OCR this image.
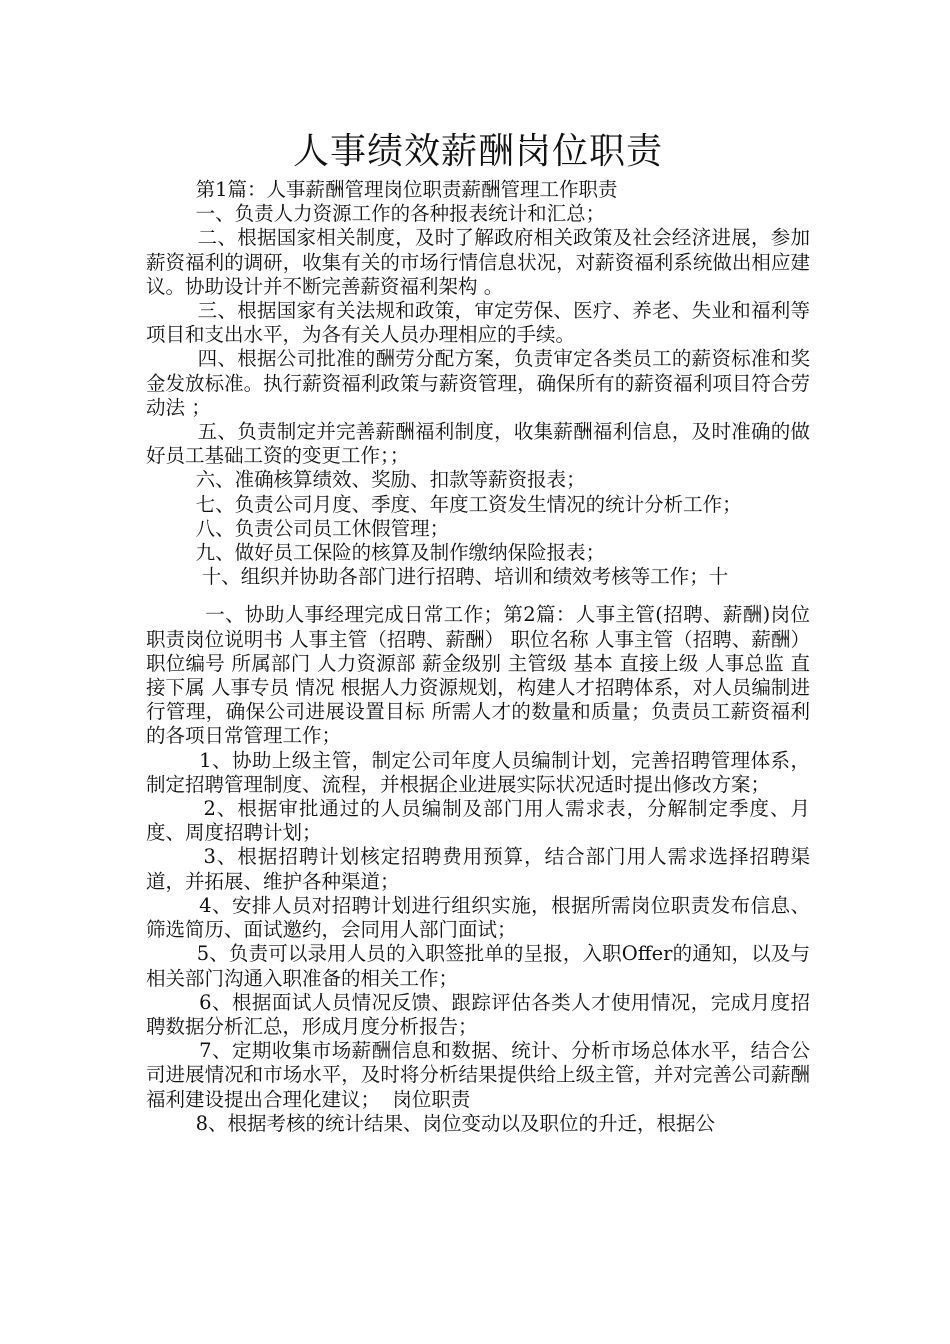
人事绩效薪酬岗位职责

第1篇：人事薪酬管理岗位职责薪酬管理工作职责

一、负责人力资源工作的各种报表统计和汇总；

二、根据国家相关制度，及时了解政府相关政策及社会经济进展，参加薪资福利的调研，收集有关的市场行情信息状况，对薪资福利系统做出相应建议。协助设计并不断完善薪资福利架构 。

三、根据国家有关法规和政策，审定劳保、医疗、养老、失业和福利等项目和支出水平，为各有关人员办理相应的手续。

四、根据公司批准的酬劳分配方案，负责审定各类员工的薪资标准和奖金发放标准。执行薪资福利政策与薪资管理，确保所有的薪资福利项目符合劳动法 ；

五、负责制定并完善薪酬福利制度，收集薪酬福利信息，及时准确的做好员工基础工资的变更工作；；

六、准确核算绩效、奖励、扣款等薪资报表；

七、负责公司月度、季度、年度工资发生情况的统计分析工作；

八、负责公司员工休假管理；

九、做好员工保险的核算及制作缴纳保险报表；

十、组织并协助各部门进行招聘、培训和绩效考核等工作；十

一、协助人事经理完成日常工作；第2篇：人事主管(招聘、薪酬)岗位职责岗位说明书 人事主管（招聘、薪酬） 职位名称 人事主管（招聘、薪酬） 职位编号 所属部门 人力资源部 薪金级别 主管级 基本 直接上级 人事总监 直接下属 人事专员 情况 根据人力资源规划，构建人才招聘体系，对人员编制进行管理，确保公司进展设置目标 所需人才的数量和质量；负责员工薪资福利的各项日常管理工作；

1、协助上级主管，制定公司年度人员编制计划，完善招聘管理体系，制定招聘管理制度、流程，并根据企业进展实际状况适时提出修改方案；

2、根据审批通过的人员编制及部门用人需求表，分解制定季度、月度、周度招聘计划；

3、根据招聘计划核定招聘费用预算，结合部门用人需求选择招聘渠道，并拓展、维护各种渠道；

4、安排人员对招聘计划进行组织实施，根据所需岗位职责发布信息、筛选简历、面试邀约，会同用人部门面试；

5、负责可以录用人员的入职签批单的呈报，入职Offer的通知，以及与相关部门沟通入职准备的相关工作；

6、根据面试人员情况反馈、跟踪评估各类人才使用情况，完成月度招聘数据分析汇总，形成月度分析报告；

7、定期收集市场薪酬信息和数据、统计、分析市场总体水平，结合公司进展情况和市场水平，及时将分析结果提供给上级主管，并对完善公司薪酬福利建设提出合理化建议；  岗位职责

8、根据考核的统计结果、岗位变动以及职位的升迁，根据公
